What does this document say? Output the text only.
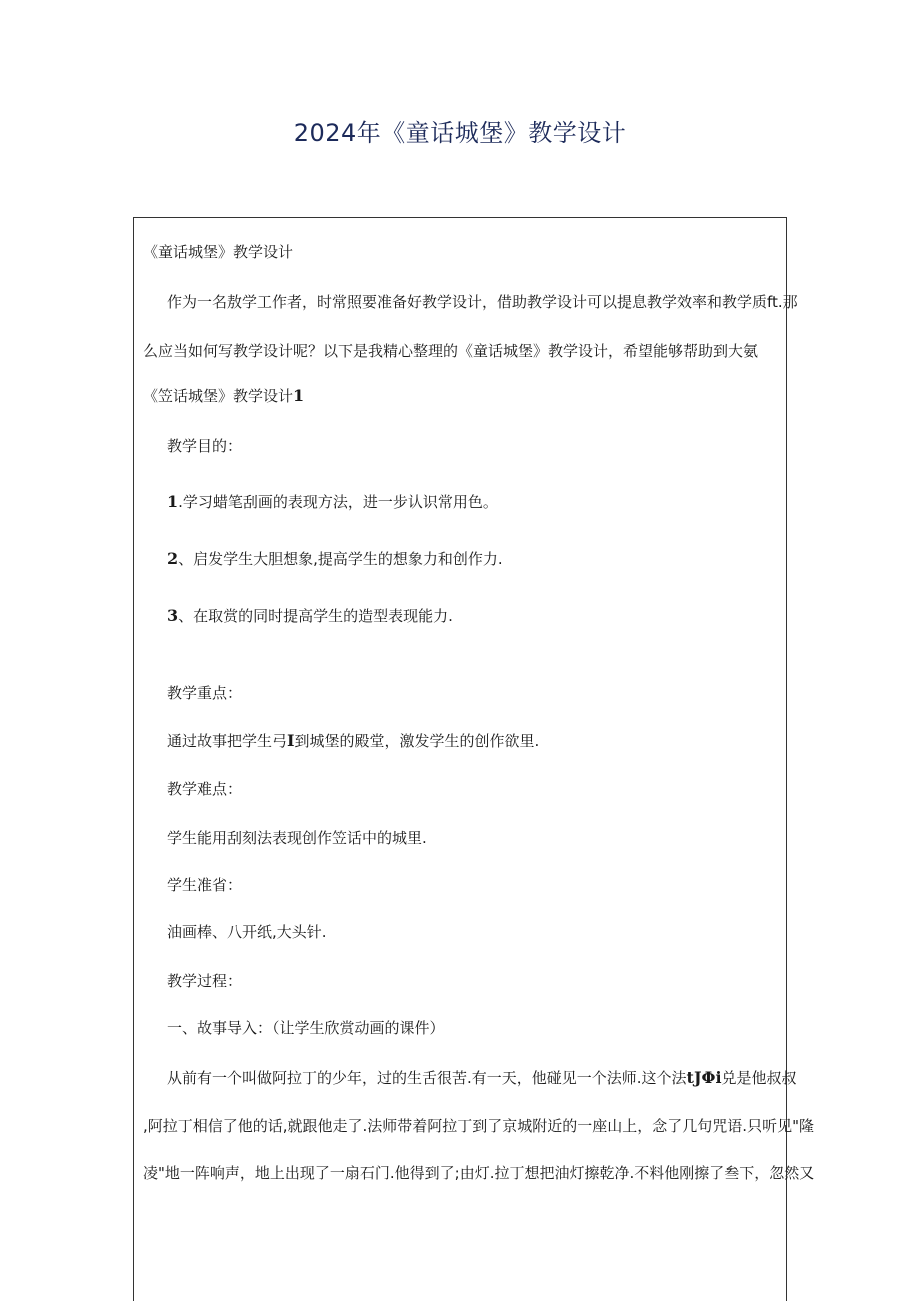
2024年《童话城堡》教学设计
《童话城堡》教学设计
作为一名敖学工作者，时常照要准备好教学设计，借助教学设计可以提息教学效率和教学质ft.那
么应当如何写教学设计呢？以下是我精心整理的《童话城堡》教学设计，希望能够帮助到大氨
《笠话城堡》教学设计1
教学目的：
1.学习蜡笔刮画的表现方法，进一步认识常用色。
2、启发学生大胆想象,提高学生的想象力和创作力.
3、在取赏的同时提高学生的造型表现能力.
教学重点：
通过故事把学生弓I到城堡的殿堂，激发学生的创作欲里.
教学难点：
学生能用刮刻法表现创作笠话中的城里.
学生准省：
油画棒、八开纸,大头针.
教学过程：
一、故事导入：（让学生欣赏动画的课件）
从前有一个叫做阿拉丁的少年，过的生舌很苦.有一天，他碰见一个法师.这个法tJΦi兑是他叔叔
,阿拉丁相信了他的话,就跟他走了.法师带着阿拉丁到了京城附近的一座山上，念了几句咒语.只听见"隆
凌"地一阵响声，地上出现了一扇石门.他得到了;由灯.拉丁想把油灯擦乾净.不料他刚擦了叁下，忽然又
